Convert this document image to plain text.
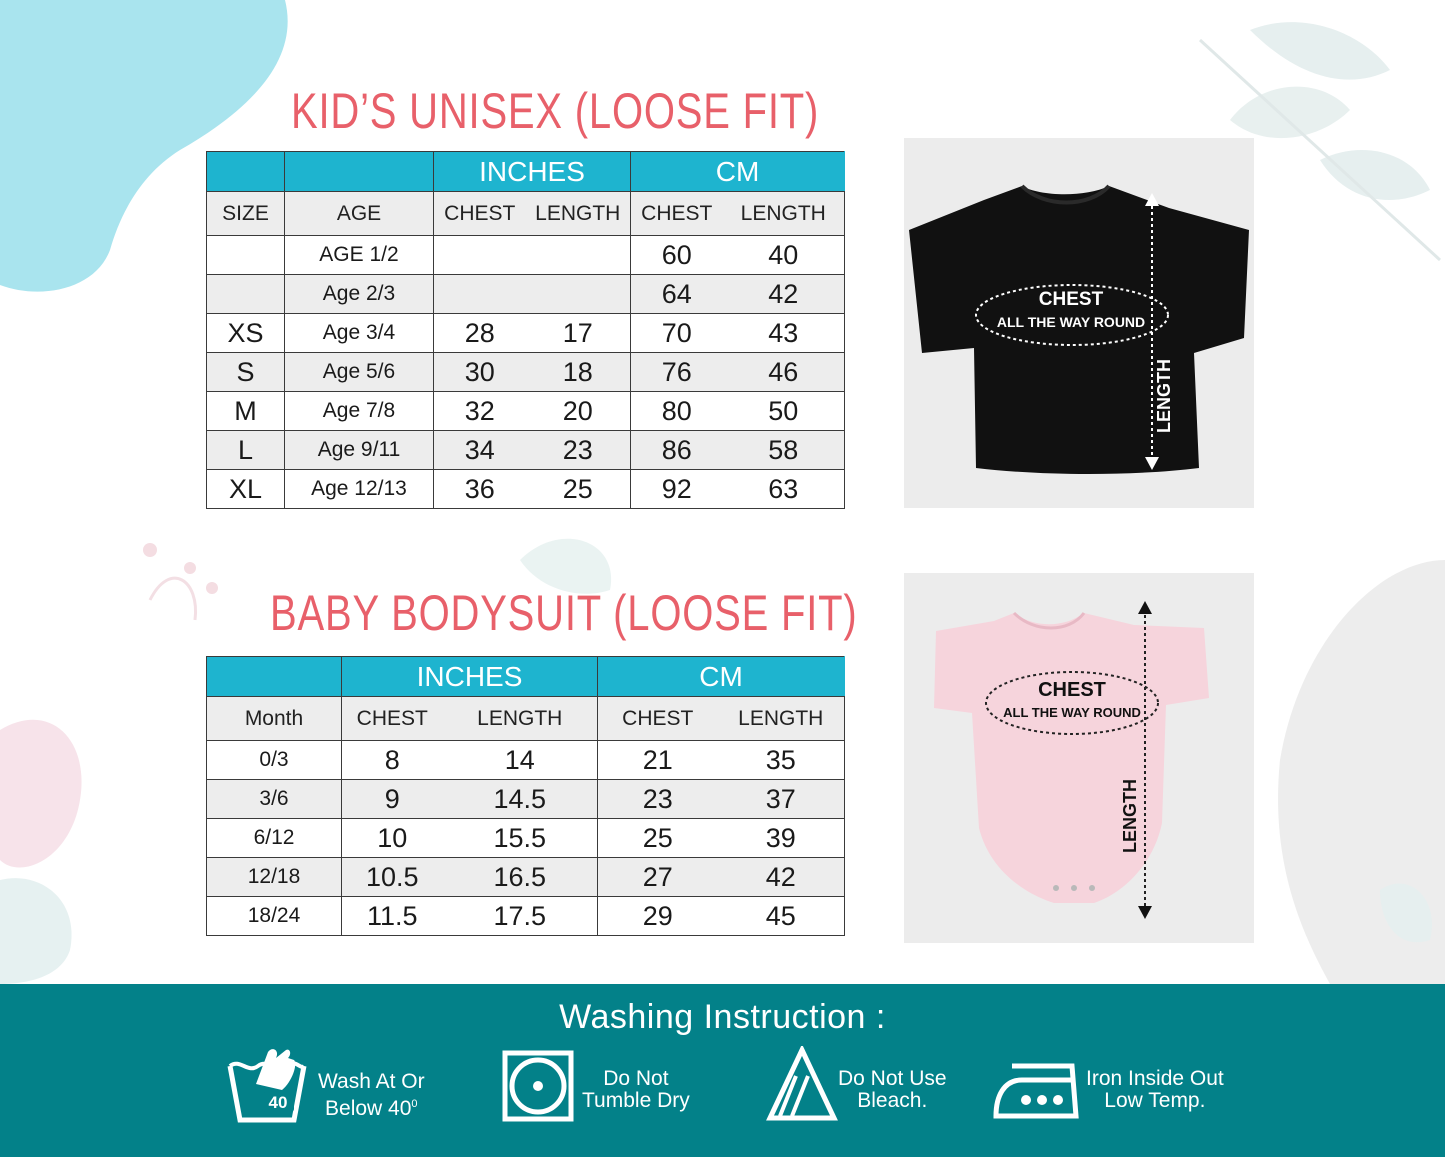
KID’S UNISEX (LOOSE FIT)
		INCHES		CM	
SIZE	AGE	CHEST	LENGTH	CHEST	LENGTH
	AGE 1/2			60	40
	Age 2/3			64	42
XS	Age 3/4	28	17	70	43
S	Age 5/6	30	18	76	46
M	Age 7/8	32	20	80	50
L	Age 9/11	34	23	86	58
XL	Age 12/13	36	25	92	63
CHEST
ALL THE WAY ROUND
LENGTH
BABY BODYSUIT (LOOSE FIT)
	INCHES		CM	
Month	CHEST	LENGTH	CHEST	LENGTH
0/3	8	14	21	35
3/6	9	14.5	23	37
6/12	10	15.5	25	39
12/18	10.5	16.5	27	42
18/24	11.5	17.5	29	45
CHEST
ALL THE WAY ROUND
LENGTH
Washing Instruction :
40
Wash At Or
Below $40^0$
Do Not
Tumble Dry
Do Not Use
Bleach.
Iron Inside Out
Low Temp.
